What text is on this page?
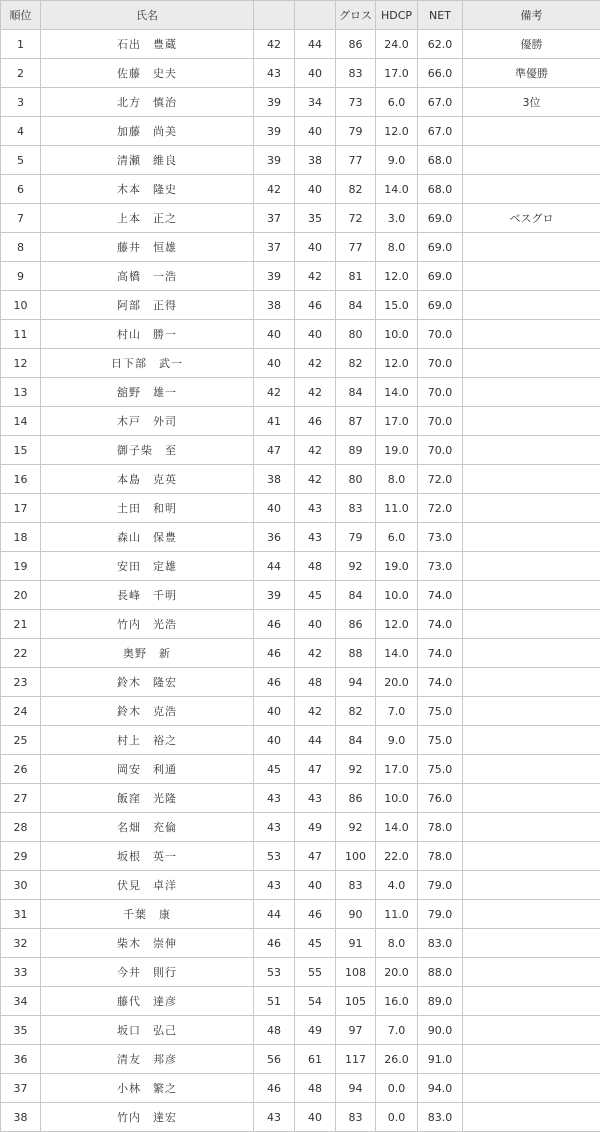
順位	氏名			グロス	HDCP	NET	備考
1	石出　豊蔵	42	44	86	24.0	62.0	優勝
2	佐藤　史夫	43	40	83	17.0	66.0	準優勝
3	北方　慎治	39	34	73	6.0	67.0	3位
4	加藤　尚美	39	40	79	12.0	67.0	
5	清瀬　維良	39	38	77	9.0	68.0	
6	木本　隆史	42	40	82	14.0	68.0	
7	上本　正之	37	35	72	3.0	69.0	ベスグロ
8	藤井　恒雄	37	40	77	8.0	69.0	
9	高橋　一浩	39	42	81	12.0	69.0	
10	阿部　正得	38	46	84	15.0	69.0	
11	村山　勝一	40	40	80	10.0	70.0	
12	日下部　武一	40	42	82	12.0	70.0	
13	舘野　雄一	42	42	84	14.0	70.0	
14	木戸　外司	41	46	87	17.0	70.0	
15	御子柴　至	47	42	89	19.0	70.0	
16	本島　克英	38	42	80	8.0	72.0	
17	土田　和明	40	43	83	11.0	72.0	
18	森山　保豊	36	43	79	6.0	73.0	
19	安田　定雄	44	48	92	19.0	73.0	
20	長峰　千明	39	45	84	10.0	74.0	
21	竹内　光浩	46	40	86	12.0	74.0	
22	奥野　新	46	42	88	14.0	74.0	
23	鈴木　隆宏	46	48	94	20.0	74.0	
24	鈴木　克浩	40	42	82	7.0	75.0	
25	村上　裕之	40	44	84	9.0	75.0	
26	岡安　利通	45	47	92	17.0	75.0	
27	飯窪　光隆	43	43	86	10.0	76.0	
28	名畑　充倫	43	49	92	14.0	78.0	
29	坂根　英一	53	47	100	22.0	78.0	
30	伏見　卓洋	43	40	83	4.0	79.0	
31	千葉　康	44	46	90	11.0	79.0	
32	柴木　崇伸	46	45	91	8.0	83.0	
33	今井　則行	53	55	108	20.0	88.0	
34	藤代　達彦	51	54	105	16.0	89.0	
35	坂口　弘己	48	49	97	7.0	90.0	
36	清友　邦彦	56	61	117	26.0	91.0	
37	小林　繁之	46	48	94	0.0	94.0	
38	竹内　達宏	43	40	83	0.0	83.0	
